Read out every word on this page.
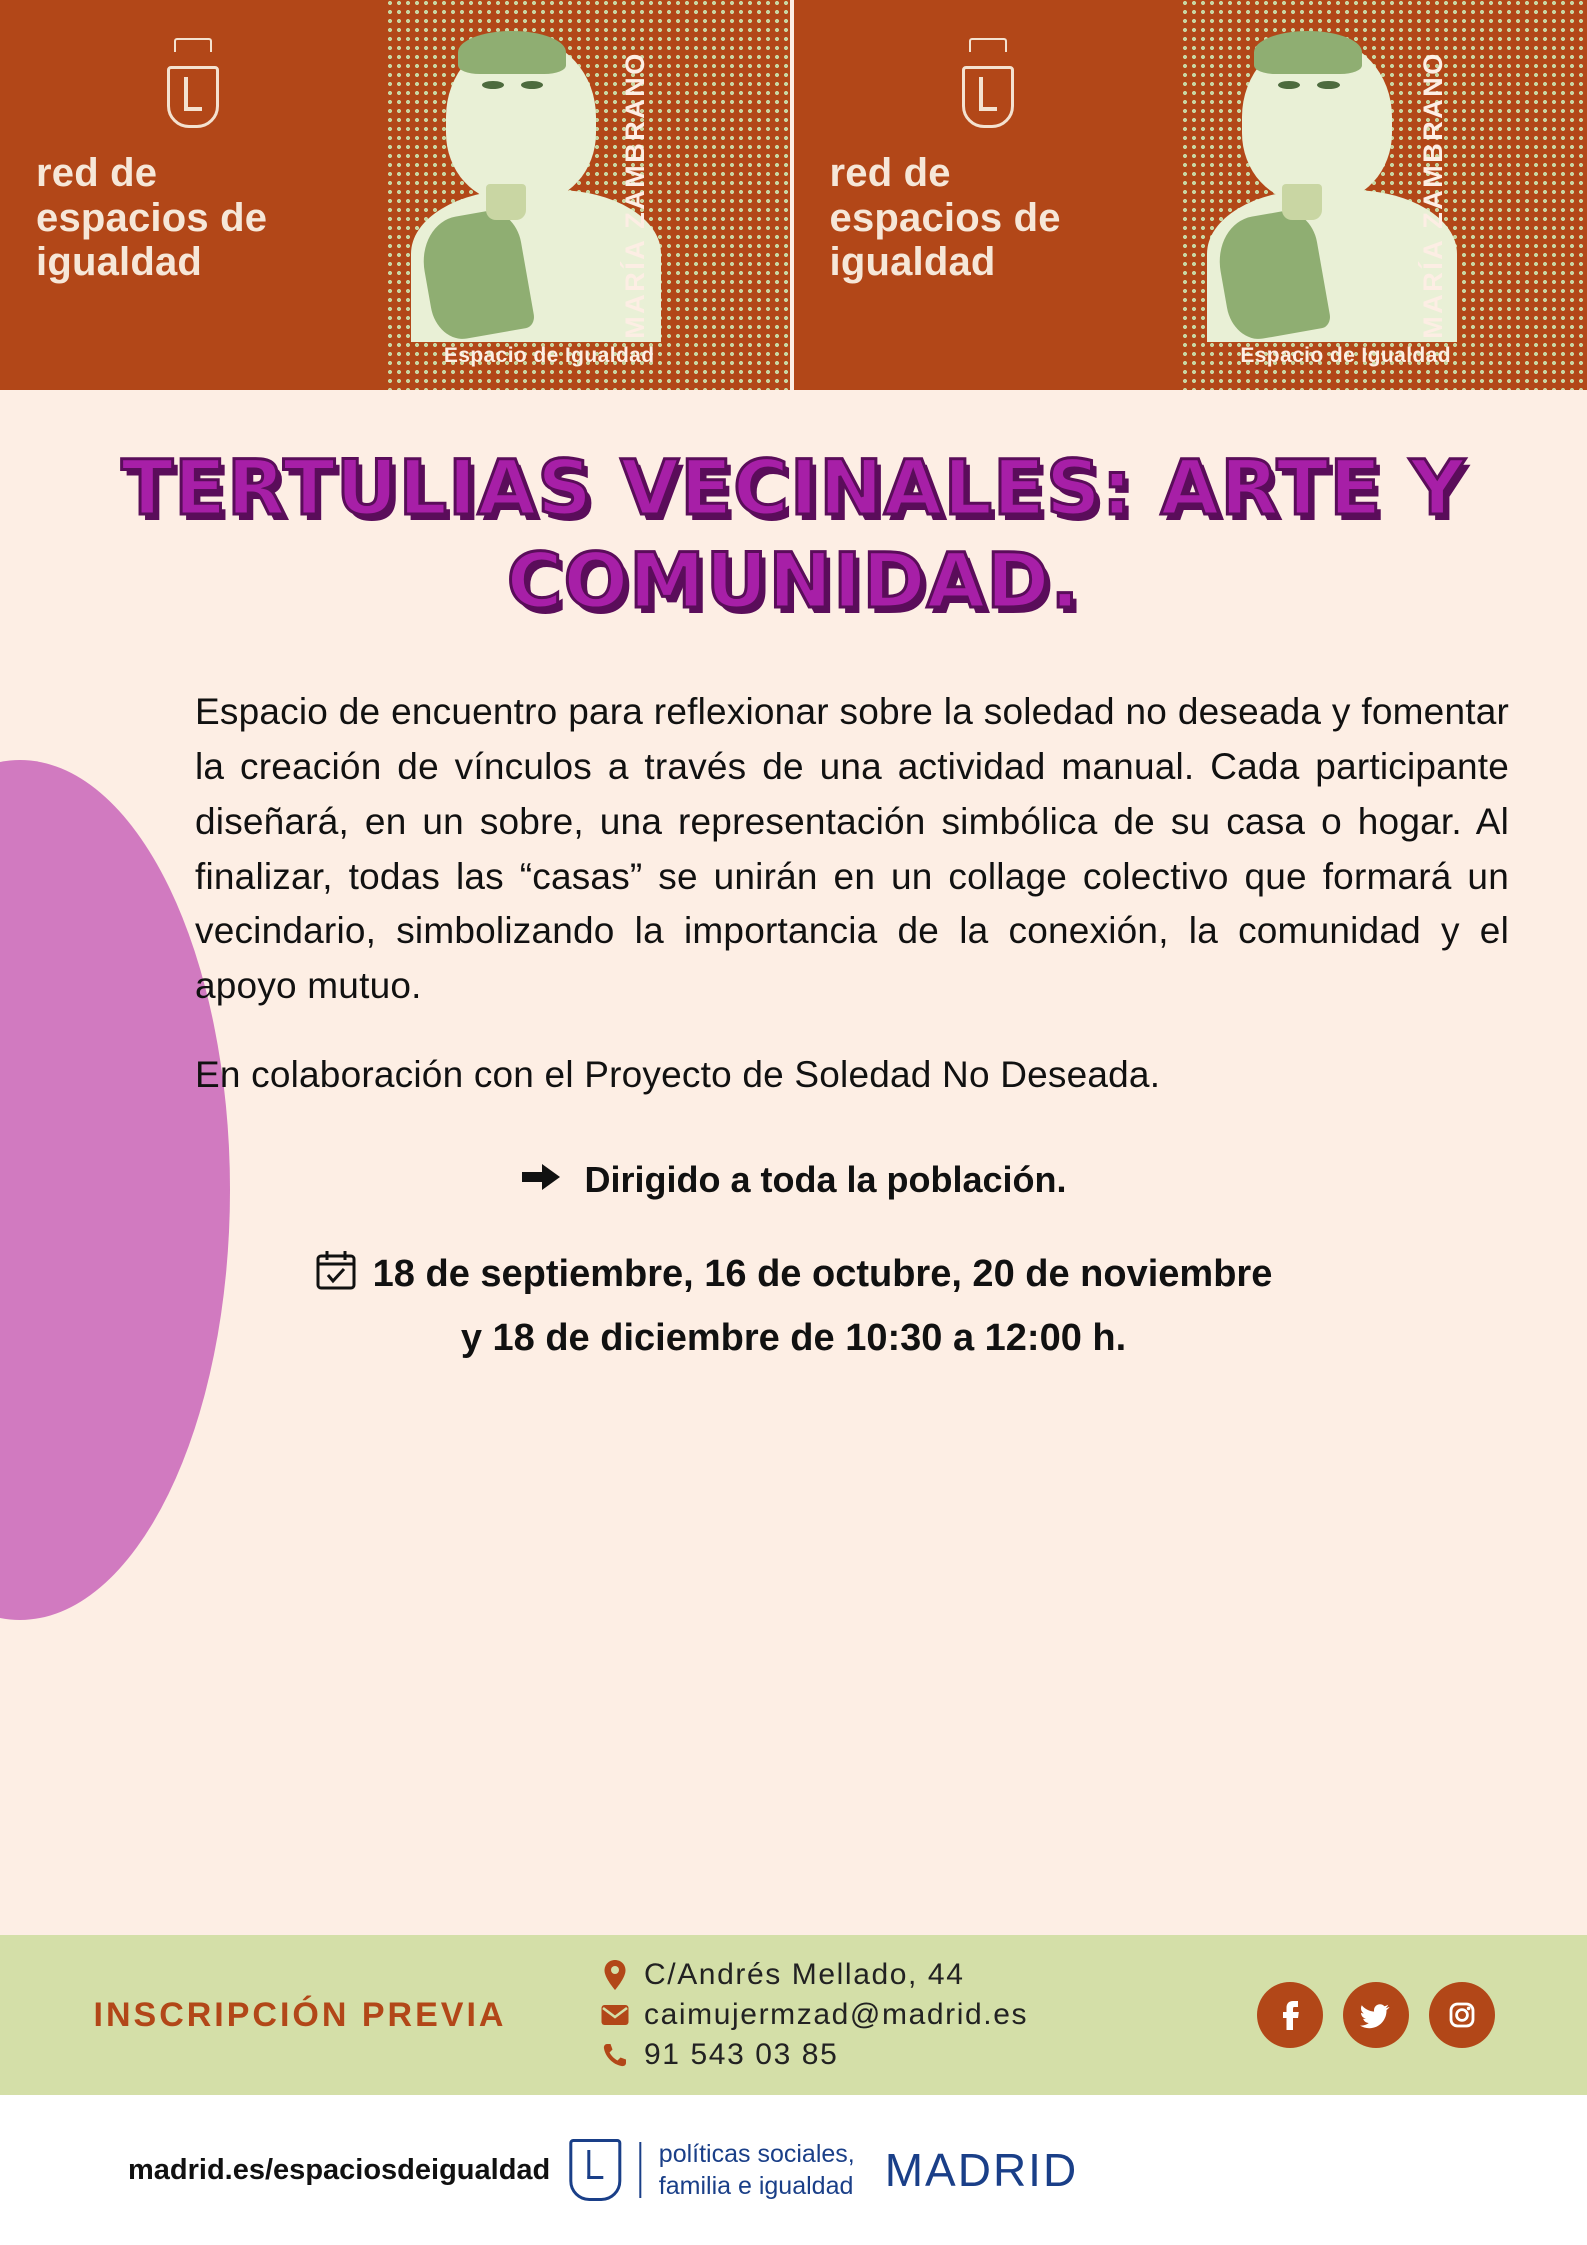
red de
espacios de
igualdad
Espacio de Igualdad
MARÍA ZAMBRANO	red de
espacios de
igualdad
Espacio de Igualdad
MARÍA ZAMBRANO
TERTULIAS VECINALES: ARTE Y COMUNIDAD.

Espacio de encuentro para reflexionar sobre la soledad no deseada y fomentar la creación de vínculos a través de una actividad manual. Cada participante diseñará, en un sobre, una representación simbólica de su casa o hogar. Al finalizar, todas las “casas” se unirán en un collage colectivo que formará un vecindario, simbolizando la importancia de la conexión, la comunidad y el apoyo mutuo.

En colaboración con el Proyecto de Soledad No Deseada.

Dirigido a toda la población.
18 de septiembre, 16 de octubre, 20 de noviembre
y 18 de diciembre de 10:30 a 12:00 h.
INSCRIPCIÓN PREVIA
C/Andrés Mellado, 44
caimujermzad@madrid.es
91 543 03 85
madrid.es/espaciosdeigualdad	políticas sociales,
familia e igualdad MADRID
